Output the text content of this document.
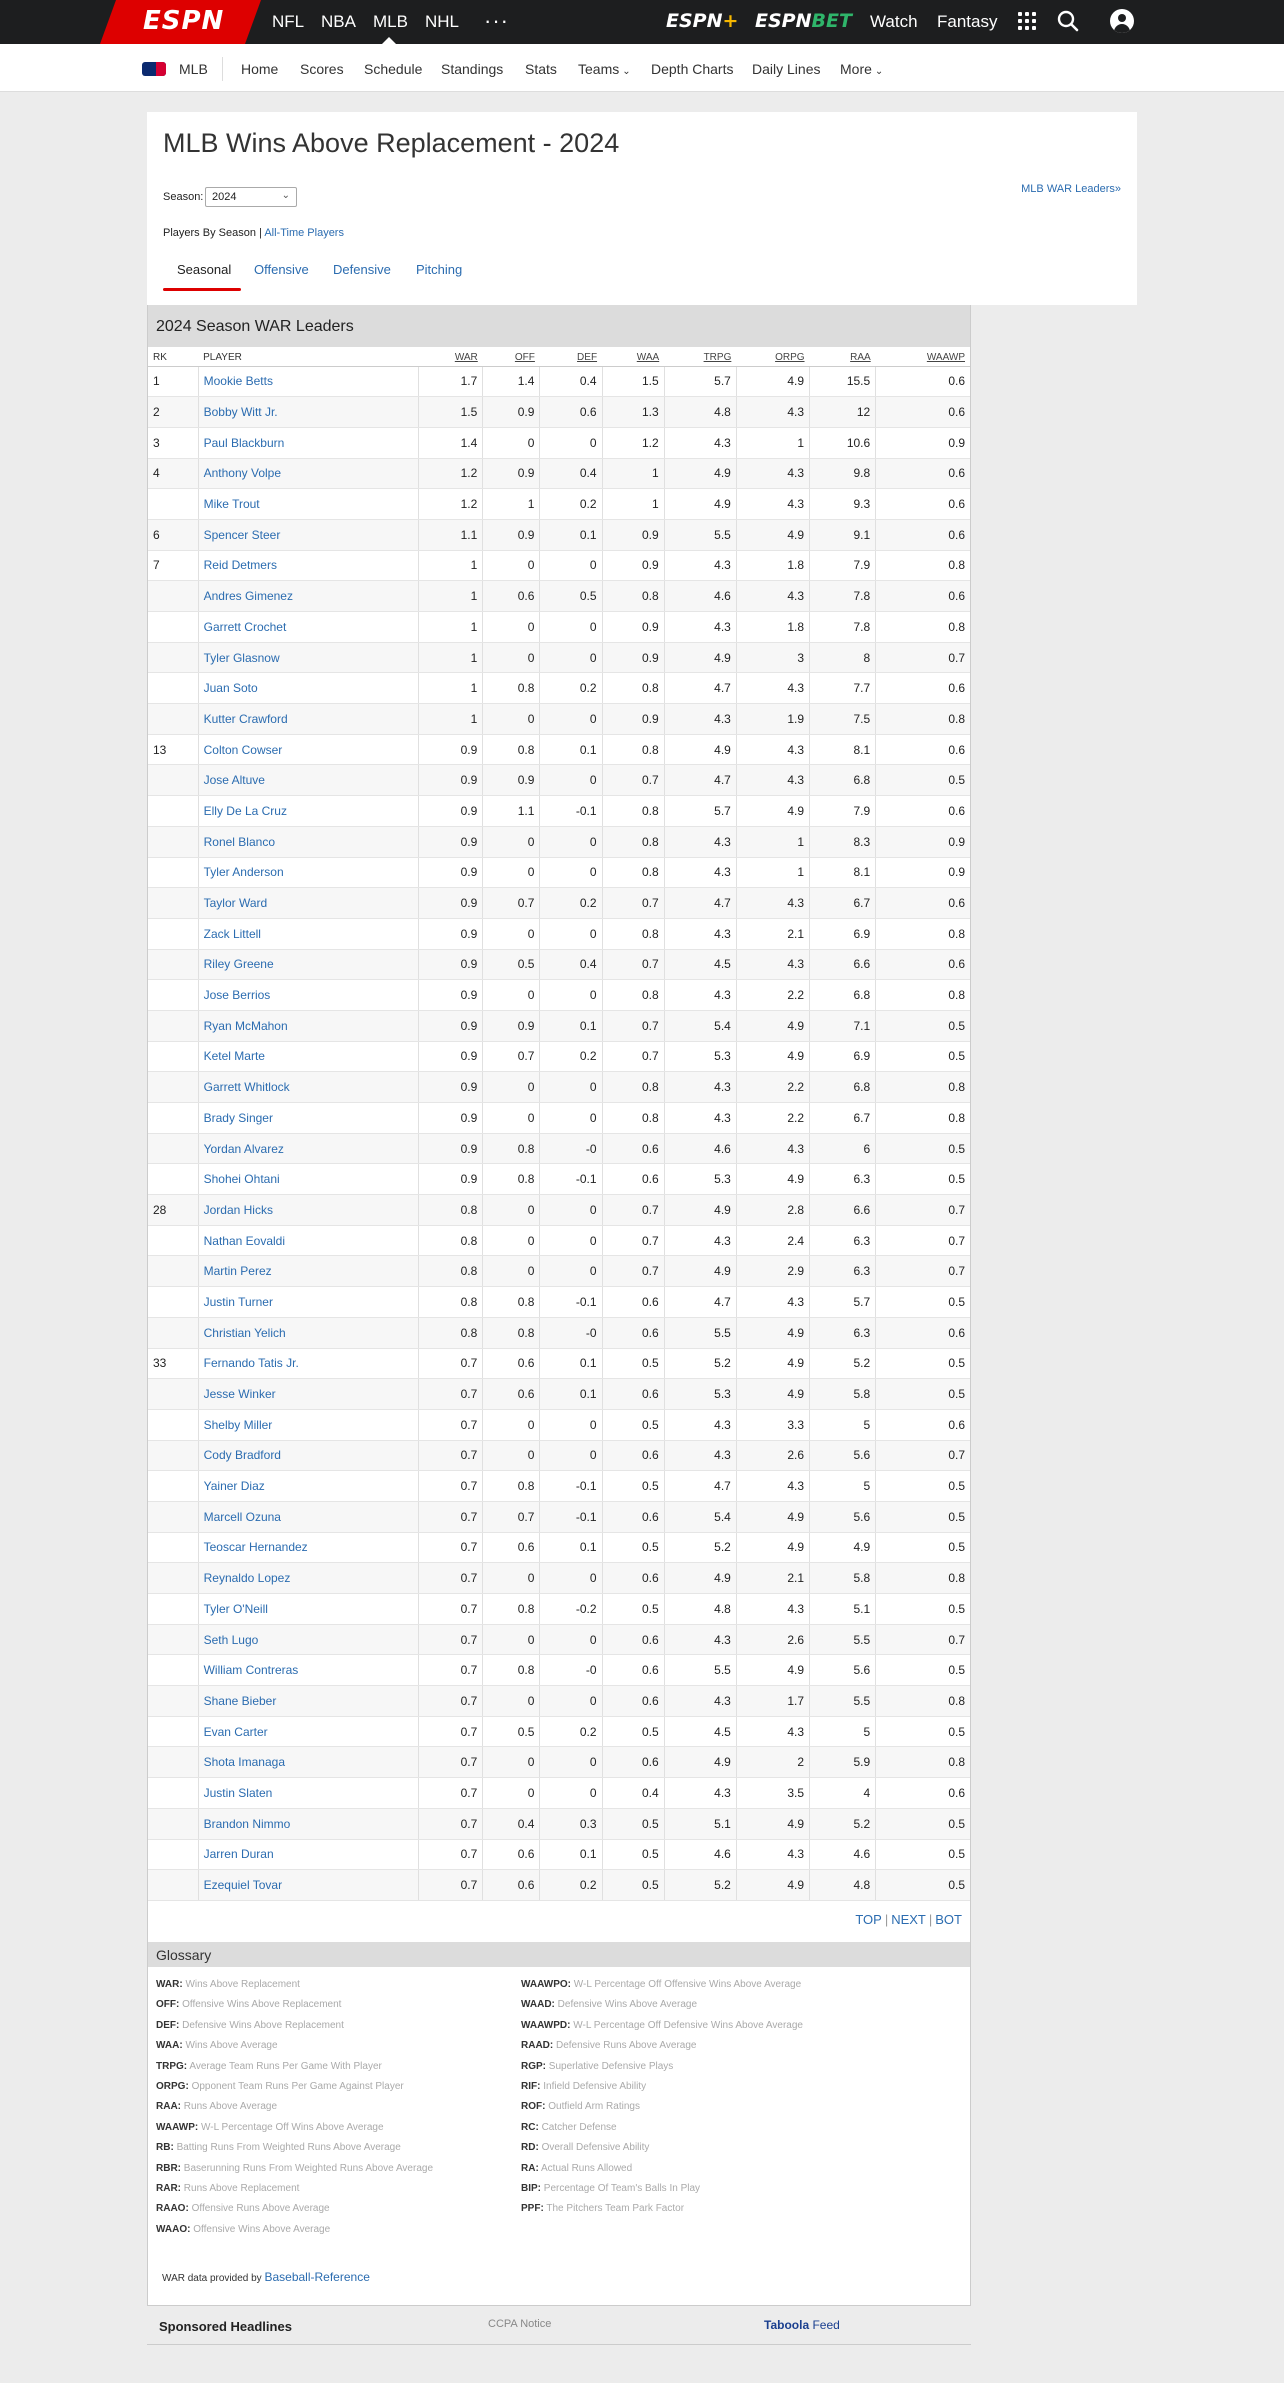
ESPN	NFL NBA MLB NHL ···	ESPN+ ESPNBET Watch Fantasy
MLB Home Scores Schedule Standings Stats Teams ⌄ Depth Charts Daily Lines More ⌄
MLB Wins Above Replacement - 2024
MLB WAR Leaders»
Season: 2024	⌄
Players By Season | All-Time Players
Seasonal Offensive Defensive Pitching
2024 Season WAR Leaders
RK	PLAYER	WAR	OFF	DEF	WAA	TRPG	ORPG	RAA	WAAWP
1	Mookie Betts	1.7	1.4	0.4	1.5	5.7	4.9	15.5	0.6
2	Bobby Witt Jr.	1.5	0.9	0.6	1.3	4.8	4.3	12	0.6
3	Paul Blackburn	1.4	0	0	1.2	4.3	1	10.6	0.9
4	Anthony Volpe	1.2	0.9	0.4	1	4.9	4.3	9.8	0.6
	Mike Trout	1.2	1	0.2	1	4.9	4.3	9.3	0.6
6	Spencer Steer	1.1	0.9	0.1	0.9	5.5	4.9	9.1	0.6
7	Reid Detmers	1	0	0	0.9	4.3	1.8	7.9	0.8
	Andres Gimenez	1	0.6	0.5	0.8	4.6	4.3	7.8	0.6
	Garrett Crochet	1	0	0	0.9	4.3	1.8	7.8	0.8
	Tyler Glasnow	1	0	0	0.9	4.9	3	8	0.7
	Juan Soto	1	0.8	0.2	0.8	4.7	4.3	7.7	0.6
	Kutter Crawford	1	0	0	0.9	4.3	1.9	7.5	0.8
13	Colton Cowser	0.9	0.8	0.1	0.8	4.9	4.3	8.1	0.6
	Jose Altuve	0.9	0.9	0	0.7	4.7	4.3	6.8	0.5
	Elly De La Cruz	0.9	1.1	-0.1	0.8	5.7	4.9	7.9	0.6
	Ronel Blanco	0.9	0	0	0.8	4.3	1	8.3	0.9
	Tyler Anderson	0.9	0	0	0.8	4.3	1	8.1	0.9
	Taylor Ward	0.9	0.7	0.2	0.7	4.7	4.3	6.7	0.6
	Zack Littell	0.9	0	0	0.8	4.3	2.1	6.9	0.8
	Riley Greene	0.9	0.5	0.4	0.7	4.5	4.3	6.6	0.6
	Jose Berrios	0.9	0	0	0.8	4.3	2.2	6.8	0.8
	Ryan McMahon	0.9	0.9	0.1	0.7	5.4	4.9	7.1	0.5
	Ketel Marte	0.9	0.7	0.2	0.7	5.3	4.9	6.9	0.5
	Garrett Whitlock	0.9	0	0	0.8	4.3	2.2	6.8	0.8
	Brady Singer	0.9	0	0	0.8	4.3	2.2	6.7	0.8
	Yordan Alvarez	0.9	0.8	-0	0.6	4.6	4.3	6	0.5
	Shohei Ohtani	0.9	0.8	-0.1	0.6	5.3	4.9	6.3	0.5
28	Jordan Hicks	0.8	0	0	0.7	4.9	2.8	6.6	0.7
	Nathan Eovaldi	0.8	0	0	0.7	4.3	2.4	6.3	0.7
	Martin Perez	0.8	0	0	0.7	4.9	2.9	6.3	0.7
	Justin Turner	0.8	0.8	-0.1	0.6	4.7	4.3	5.7	0.5
	Christian Yelich	0.8	0.8	-0	0.6	5.5	4.9	6.3	0.6
33	Fernando Tatis Jr.	0.7	0.6	0.1	0.5	5.2	4.9	5.2	0.5
	Jesse Winker	0.7	0.6	0.1	0.6	5.3	4.9	5.8	0.5
	Shelby Miller	0.7	0	0	0.5	4.3	3.3	5	0.6
	Cody Bradford	0.7	0	0	0.6	4.3	2.6	5.6	0.7
	Yainer Diaz	0.7	0.8	-0.1	0.5	4.7	4.3	5	0.5
	Marcell Ozuna	0.7	0.7	-0.1	0.6	5.4	4.9	5.6	0.5
	Teoscar Hernandez	0.7	0.6	0.1	0.5	5.2	4.9	4.9	0.5
	Reynaldo Lopez	0.7	0	0	0.6	4.9	2.1	5.8	0.8
	Tyler O'Neill	0.7	0.8	-0.2	0.5	4.8	4.3	5.1	0.5
	Seth Lugo	0.7	0	0	0.6	4.3	2.6	5.5	0.7
	William Contreras	0.7	0.8	-0	0.6	5.5	4.9	5.6	0.5
	Shane Bieber	0.7	0	0	0.6	4.3	1.7	5.5	0.8
	Evan Carter	0.7	0.5	0.2	0.5	4.5	4.3	5	0.5
	Shota Imanaga	0.7	0	0	0.6	4.9	2	5.9	0.8
	Justin Slaten	0.7	0	0	0.4	4.3	3.5	4	0.6
	Brandon Nimmo	0.7	0.4	0.3	0.5	5.1	4.9	5.2	0.5
	Jarren Duran	0.7	0.6	0.1	0.5	4.6	4.3	4.6	0.5
	Ezequiel Tovar	0.7	0.6	0.2	0.5	5.2	4.9	4.8	0.5
TOP | NEXT | BOT
Glossary
WAR: Wins Above Replacement
OFF: Offensive Wins Above Replacement
DEF: Defensive Wins Above Replacement
WAA: Wins Above Average
TRPG: Average Team Runs Per Game With Player
ORPG: Opponent Team Runs Per Game Against Player
RAA: Runs Above Average
WAAWP: W-L Percentage Off Wins Above Average
RB: Batting Runs From Weighted Runs Above Average
RBR: Baserunning Runs From Weighted Runs Above Average
RAR: Runs Above Replacement
RAAO: Offensive Runs Above Average
WAAO: Offensive Wins Above Average
WAAWPO: W-L Percentage Off Offensive Wins Above Average
WAAD: Defensive Wins Above Average
WAAWPD: W-L Percentage Off Defensive Wins Above Average
RAAD: Defensive Runs Above Average
RGP: Superlative Defensive Plays
RIF: Infield Defensive Ability
ROF: Outfield Arm Ratings
RC: Catcher Defense
RD: Overall Defensive Ability
RA: Actual Runs Allowed
BIP: Percentage Of Team's Balls In Play
PPF: The Pitchers Team Park Factor
WAR data provided by Baseball-Reference
Sponsored Headlines	CCPA Notice	Taboola Feed
